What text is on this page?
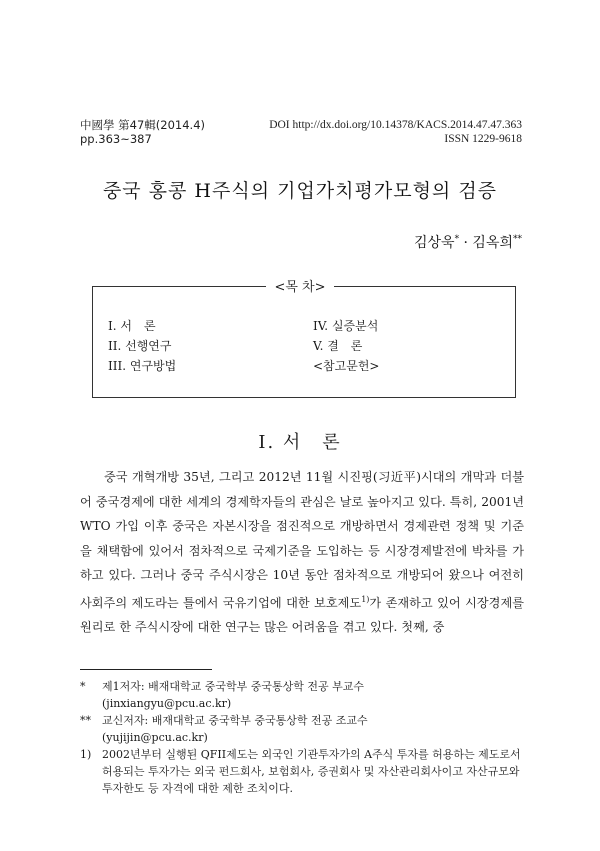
中國學 第47輯(2014.4)
pp.363~387
DOI http://dx.doi.org/10.14378/KACS.2014.47.47.363
ISSN 1229-9618
중국 홍콩 H주식의 기업가치평가모형의 검증
김상욱* · 김옥희**
<목 차>
I. 서　론
II. 선행연구
III. 연구방법
IV. 실증분석
V. 결　론
<참고문헌>
I. 서　론

중국 개혁개방 35년, 그리고 2012년 11월 시진핑(习近平)시대의 개막과 더불어 중국경제에 대한 세계의 경제학자들의 관심은 날로 높아지고 있다. 특히, 2001년 WTO 가입 이후 중국은 자본시장을 점진적으로 개방하면서 경제관련 정책 및 기준을 채택함에 있어서 점차적으로 국제기준을 도입하는 등 시장경제발전에 박차를 가하고 있다. 그러나 중국 주식시장은 10년 동안 점차적으로 개방되어 왔으나 여전히 사회주의 제도라는 틀에서 국유기업에 대한 보호제도$^{1)}$가 존재하고 있어 시장경제를 원리로 한 주식시장에 대한 연구는 많은 어려움을 겪고 있다. 첫째, 중

*	제1저자: 배재대학교 중국학부 중국통상학 전공 부교수
(jinxiangyu@pcu.ac.kr)
**	교신저자: 배재대학교 중국학부 중국통상학 전공 조교수
(yujijin@pcu.ac.kr)
1) 2002년부터 실행된 QFII제도는 외국인 기관투자가의 A주식 투자를 허용하는 제도로서 허용되는 투자가는 외국 펀드회사, 보험회사, 증권회사 및 자산관리회사이고 자산규모와 투자한도 등 자격에 대한 제한 조치이다.
